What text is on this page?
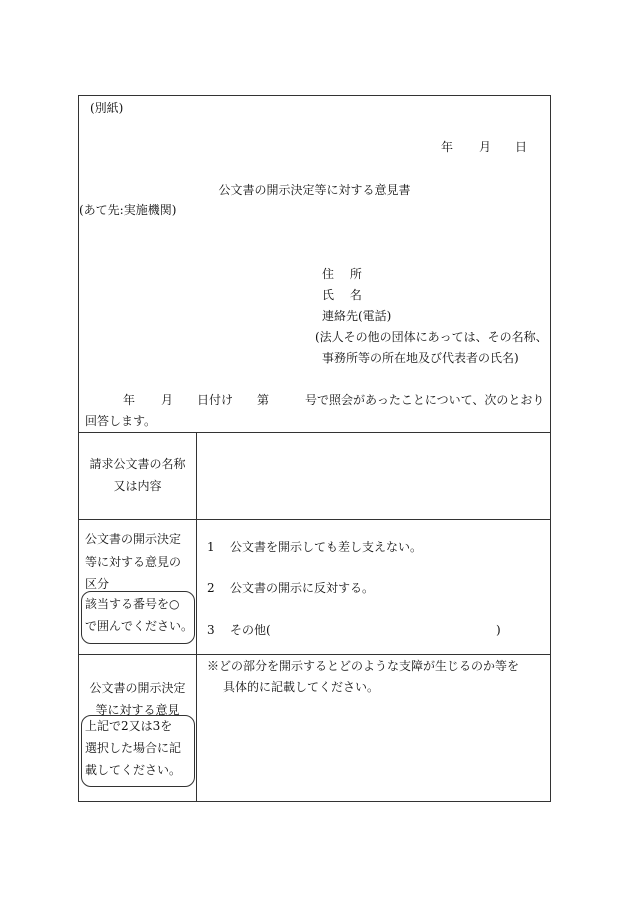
(別紙)
年 月 日
公文書の開示決定等に対する意見書
(あて先:実施機関)
住 所
氏 名
連絡先(電話)
(法人その他の団体にあっては、その名称、
事務所等の所在地及び代表者の氏名)
年 月 日付け 第	号で照会があったことについて、次のとおり
回答します。
請求公文書の名称
又は内容
公文書の開示決定
等に対する意見の
区分
該当する番号を○
で囲んでください。
1 公文書を開示しても差し支えない。
2 公文書の開示に反対する。
3 その他(	)
公文書の開示決定
等に対する意見
上記で2又は3を
選択した場合に記
載してください。
※どの部分を開示するとどのような支障が生じるのか等を
具体的に記載してください。
